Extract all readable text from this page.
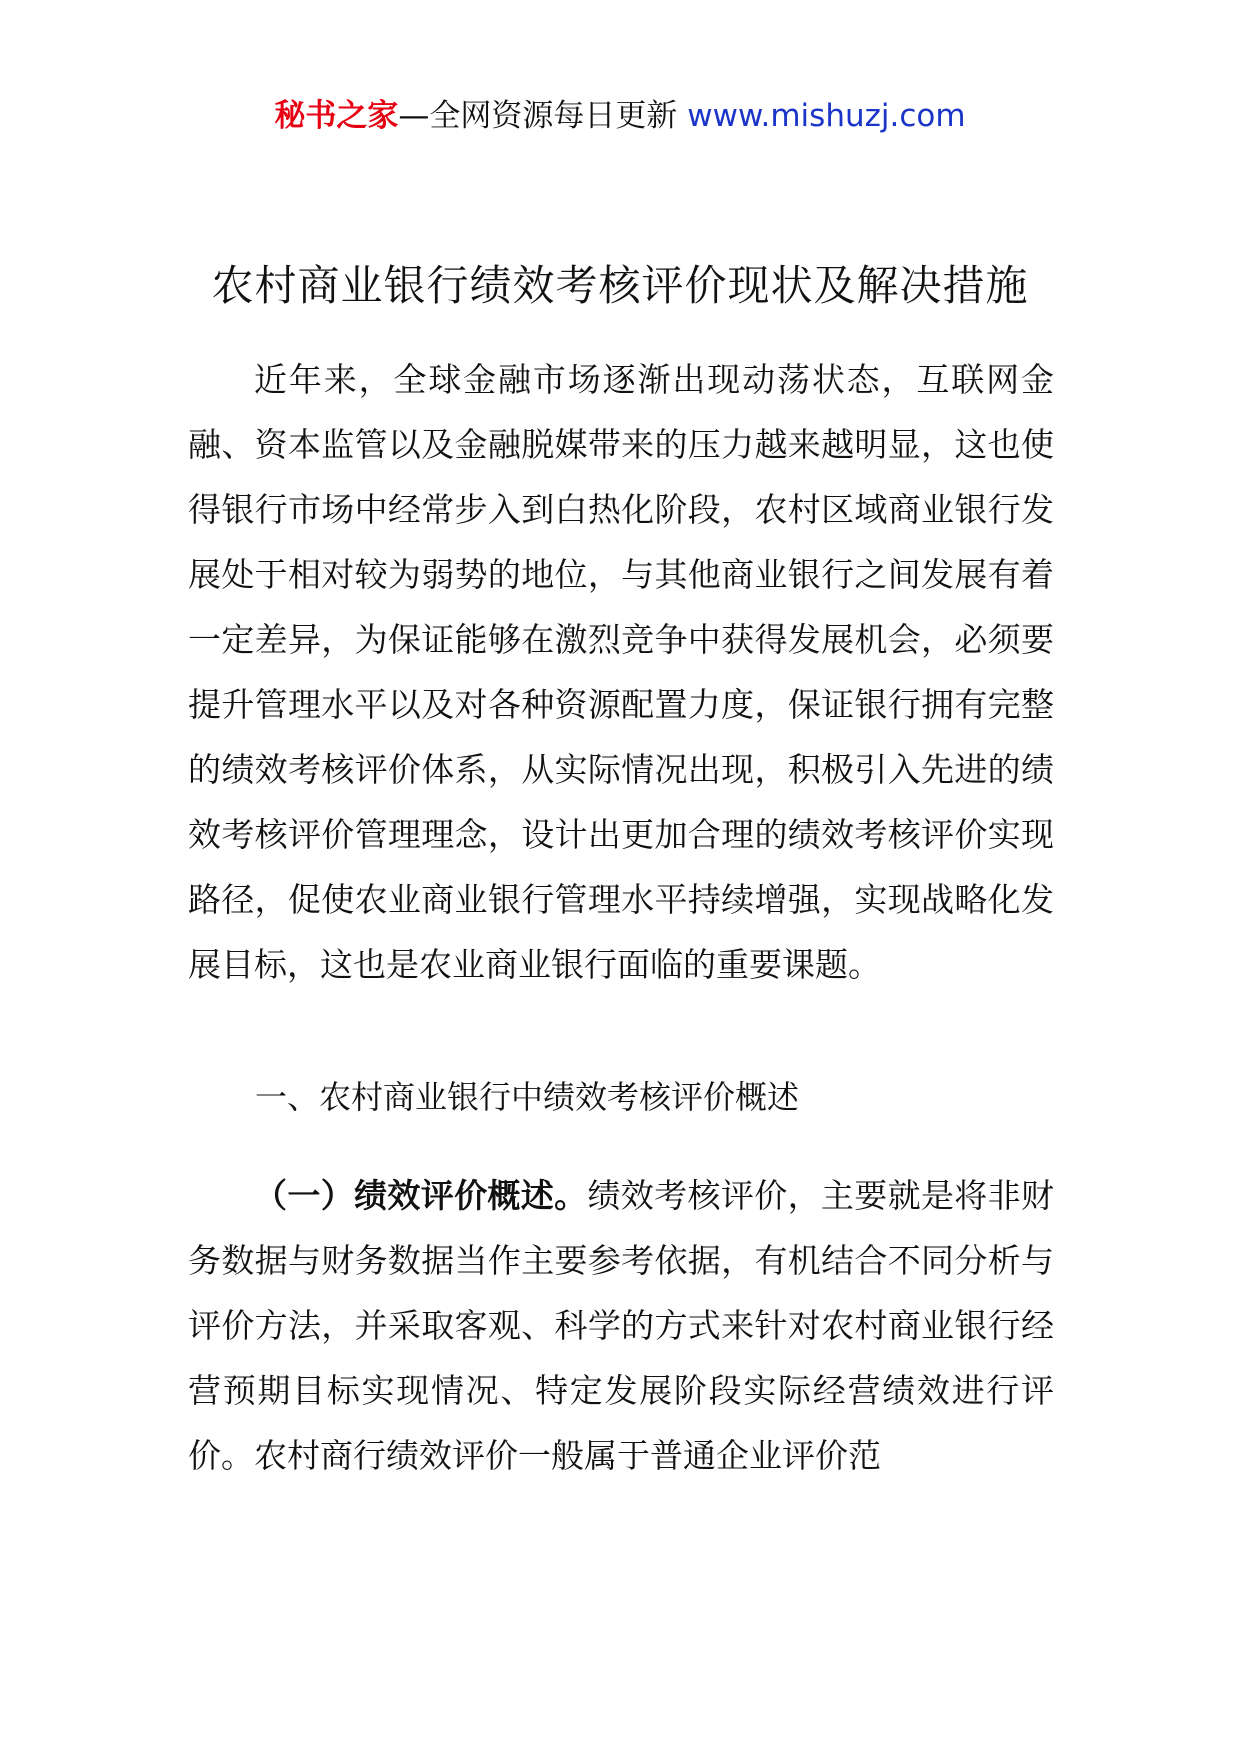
秘书之家—全网资源每日更新 www.mishuzj.com
农村商业银行绩效考核评价现状及解决措施

近年来，全球金融市场逐渐出现动荡状态，互联网金融、资本监管以及金融脱媒带来的压力越来越明显，这也使得银行市场中经常步入到白热化阶段，农村区域商业银行发展处于相对较为弱势的地位，与其他商业银行之间发展有着一定差异，为保证能够在激烈竞争中获得发展机会，必须要提升管理水平以及对各种资源配置力度，保证银行拥有完整的绩效考核评价体系，从实际情况出现，积极引入先进的绩效考核评价管理理念，设计出更加合理的绩效考核评价实现路径，促使农业商业银行管理水平持续增强，实现战略化发展目标，这也是农业商业银行面临的重要课题。

一、农村商业银行中绩效考核评价概述

（一）绩效评价概述。绩效考核评价，主要就是将非财务数据与财务数据当作主要参考依据，有机结合不同分析与评价方法，并采取客观、科学的方式来针对农村商业银行经营预期目标实现情况、特定发展阶段实际经营绩效进行评价。农村商行绩效评价一般属于普通企业评价范
